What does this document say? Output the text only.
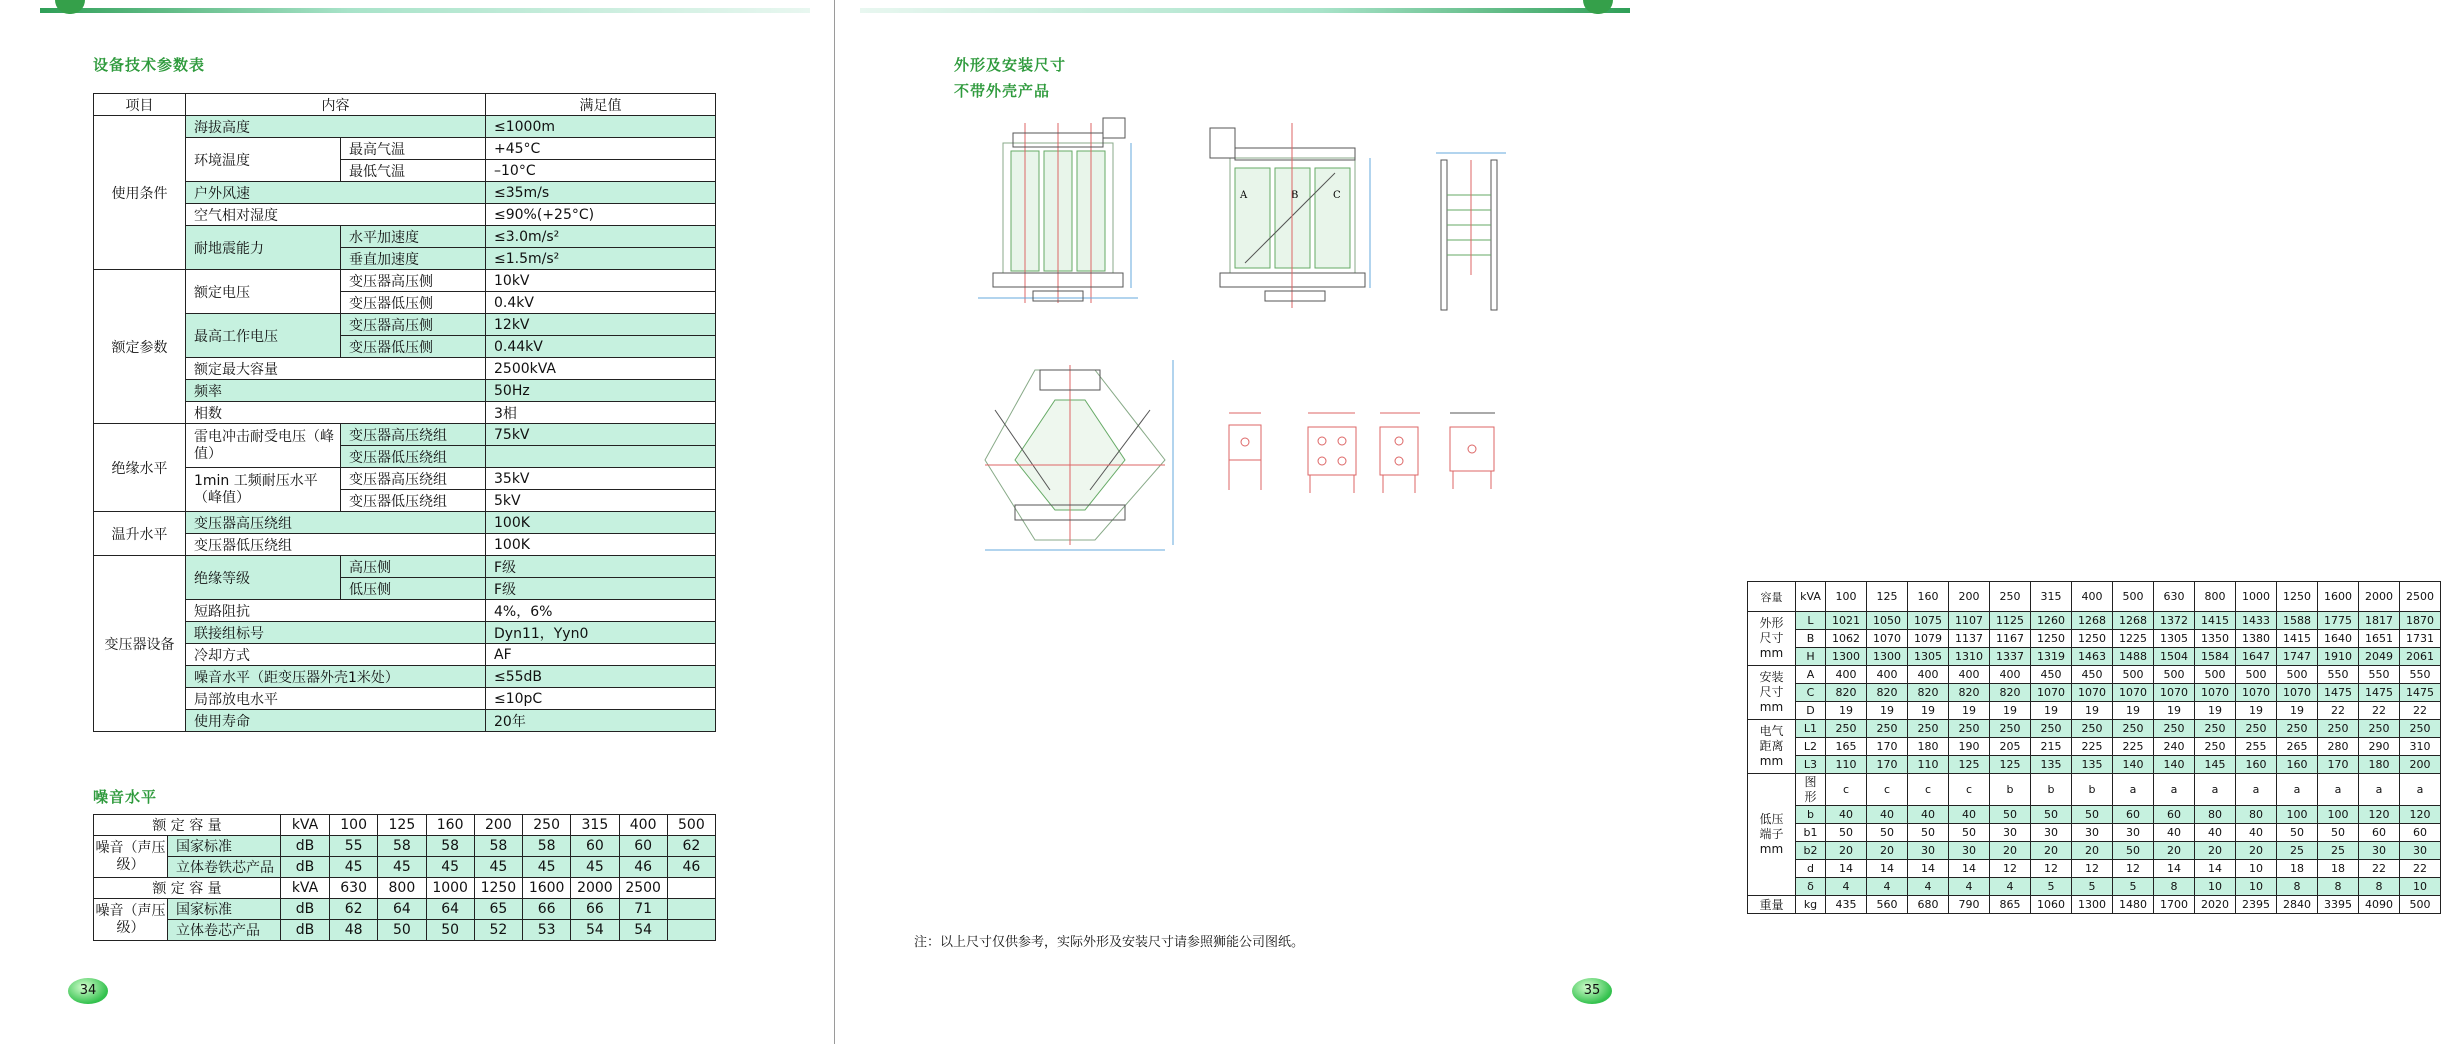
设备技术参数表
项目	内容		满足值
使用条件	海拔高度		≤1000m
	环境温度	最高气温	+45°C
		最低气温	–10°C
	户外风速		≤35m/s
	空气相对湿度		≤90%(+25°C)
	耐地震能力	水平加速度	≤3.0m/s²
		垂直加速度	≤1.5m/s²
额定参数	额定电压	变压器高压侧	10kV
		变压器低压侧	0.4kV
	最高工作电压	变压器高压侧	12kV
		变压器低压侧	0.44kV
	额定最大容量		2500kVA
	频率		50Hz
	相数		3相
绝缘水平	雷电冲击耐受电压（峰值）	变压器高压绕组	75kV
		变压器低压绕组	
	1min 工频耐压水平（峰值）	变压器高压绕组	35kV
		变压器低压绕组	5kV
温升水平	变压器高压绕组		100K
	变压器低压绕组		100K
变压器设备	绝缘等级	高压侧	F级
		低压侧	F级
	短路阻抗		4%，6%
	联接组标号		Dyn11，Yyn0
	冷却方式		AF
	噪音水平（距变压器外壳1米处）		≤55dB
	局部放电水平		≤10pC
	使用寿命		20年
噪音水平
额 定 容 量		kVA	100	125	160	200	250	315	400	500
噪音（声压级）	国家标准	dB	55	58	58	58	58	60	60	62
	立体卷铁芯产品	dB	45	45	45	45	45	45	46	46
额 定 容 量		kVA	630	800	1000	1250	1600	2000	2500	
噪音（声压级）	国家标准	dB	62	64	64	65	66	66	71	
	立体卷芯产品	dB	48	50	50	52	53	54	54	
34
外形及安装尺寸
不带外壳产品
A	B	C
容量	kVA	100	125	160	200	250	315	400	500	630	800	1000	1250	1600	2000	2500
外形尺寸mm	L	1021	1050	1075	1107	1125	1260	1268	1268	1372	1415	1433	1588	1775	1817	1870
	B	1062	1070	1079	1137	1167	1250	1250	1225	1305	1350	1380	1415	1640	1651	1731
	H	1300	1300	1305	1310	1337	1319	1463	1488	1504	1584	1647	1747	1910	2049	2061
安装尺寸mm	A	400	400	400	400	400	450	450	500	500	500	500	500	550	550	550
	C	820	820	820	820	820	1070	1070	1070	1070	1070	1070	1070	1475	1475	1475
	D	19	19	19	19	19	19	19	19	19	19	19	19	22	22	22
电气距离mm	L1	250	250	250	250	250	250	250	250	250	250	250	250	250	250	250
	L2	165	170	180	190	205	215	225	225	240	250	255	265	280	290	310
	L3	110	170	110	125	125	135	135	140	140	145	160	160	170	180	200
低压端子mm	图形	c	c	c	c	b	b	b	a	a	a	a	a	a	a	a
	b	40	40	40	40	50	50	50	60	60	80	80	100	100	120	120
	b1	50	50	50	50	30	30	30	30	40	40	40	50	50	60	60
	b2	20	20	30	30	20	20	20	50	20	20	20	25	25	30	30
	d	14	14	14	14	12	12	12	12	14	14	10	18	18	22	22
	δ	4	4	4	4	4	5	5	5	8	10	10	8	8	8	10
重量	kg	435	560	680	790	865	1060	1300	1480	1700	2020	2395	2840	3395	4090	500
注：以上尺寸仅供参考，实际外形及安装尺寸请参照狮能公司图纸。
35
